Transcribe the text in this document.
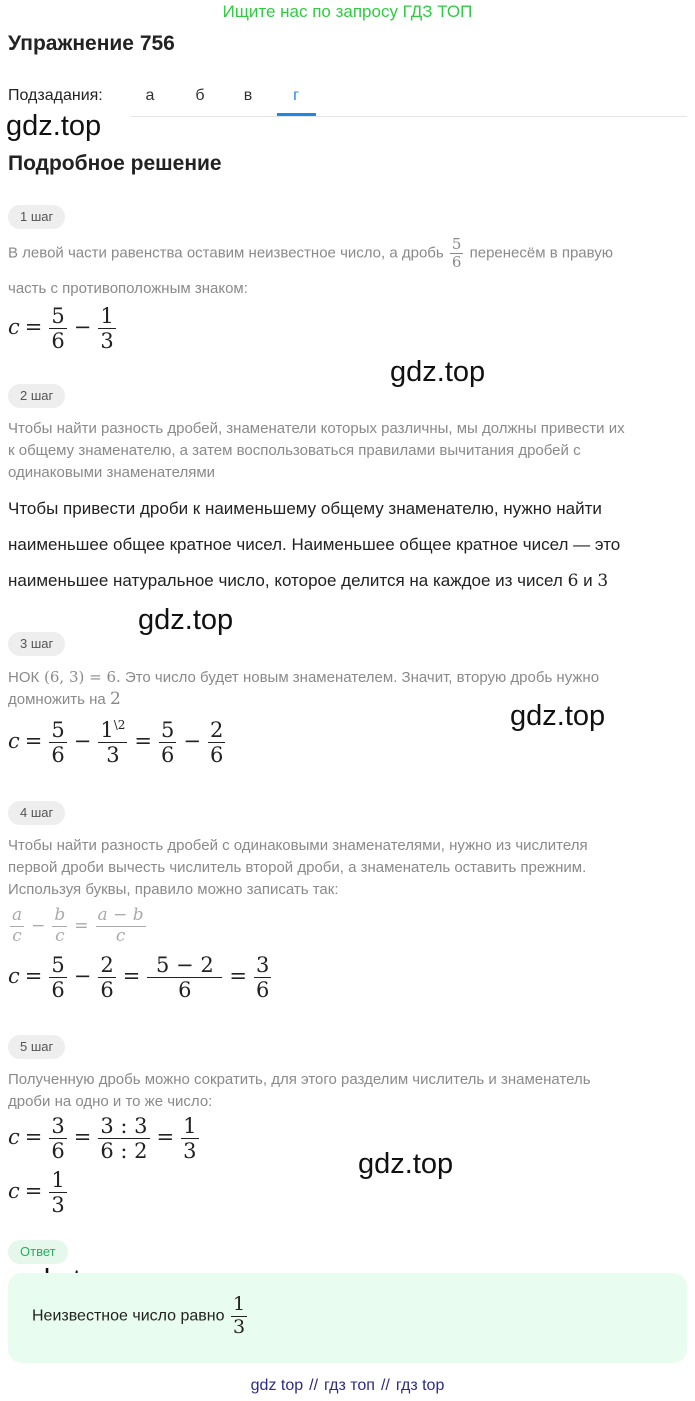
Ищите нас по запросу ГДЗ ТОП
Упражнение 756
Подзадания:	а	б	в	г
gdz.top
gdz.top
gdz.top
gdz.top
gdz.top
Подробное решение
1 шаг
В левой части равенства оставим неизвестное число, а дробь $\frac{5}{6}$ перенесём в правую
часть с противоположным знаком:
$c = \frac{5}{6} - \frac{1}{3}$
2 шаг
Чтобы найти разность дробей, знаменатели которых различны, мы должны привести их
к общему знаменателю, а затем воспользоваться правилами вычитания дробей с
одинаковыми знаменателями
Чтобы привести дроби к наименьшему общему знаменателю, нужно найти
наименьшее общее кратное чисел. Наименьшее общее кратное чисел — это
наименьшее натуральное число, которое делится на каждое из чисел 6 и 3
3 шаг
НОК (6, 3) = 6. Это число будет новым знаменателем. Значит, вторую дробь нужно
домножить на 2
$c = \frac{5}{6} - \frac{1^{\backslash 2}}{3} = \frac{5}{6} - \frac{2}{6}$
4 шаг
Чтобы найти разность дробей с одинаковыми знаменателями, нужно из числителя
первой дроби вычесть числитель второй дроби, а знаменатель оставить прежним.
Используя буквы, правило можно записать так:
$\frac{a}{c} - \frac{b}{c} = \frac{a - b}{c}$
$c = \frac{5}{6} - \frac{2}{6} = \frac{5 - 2}{6} = \frac{3}{6}$
5 шаг
Полученную дробь можно сократить, для этого разделим числитель и знаменатель
дроби на одно и то же число:
$c = \frac{3}{6} = \frac{3 : 3}{6 : 2} = \frac{1}{3}$
$c = \frac{1}{3}$
Ответ
Неизвестное число равно $\frac{1}{3}$
gdz top // гдз топ // гдз top
